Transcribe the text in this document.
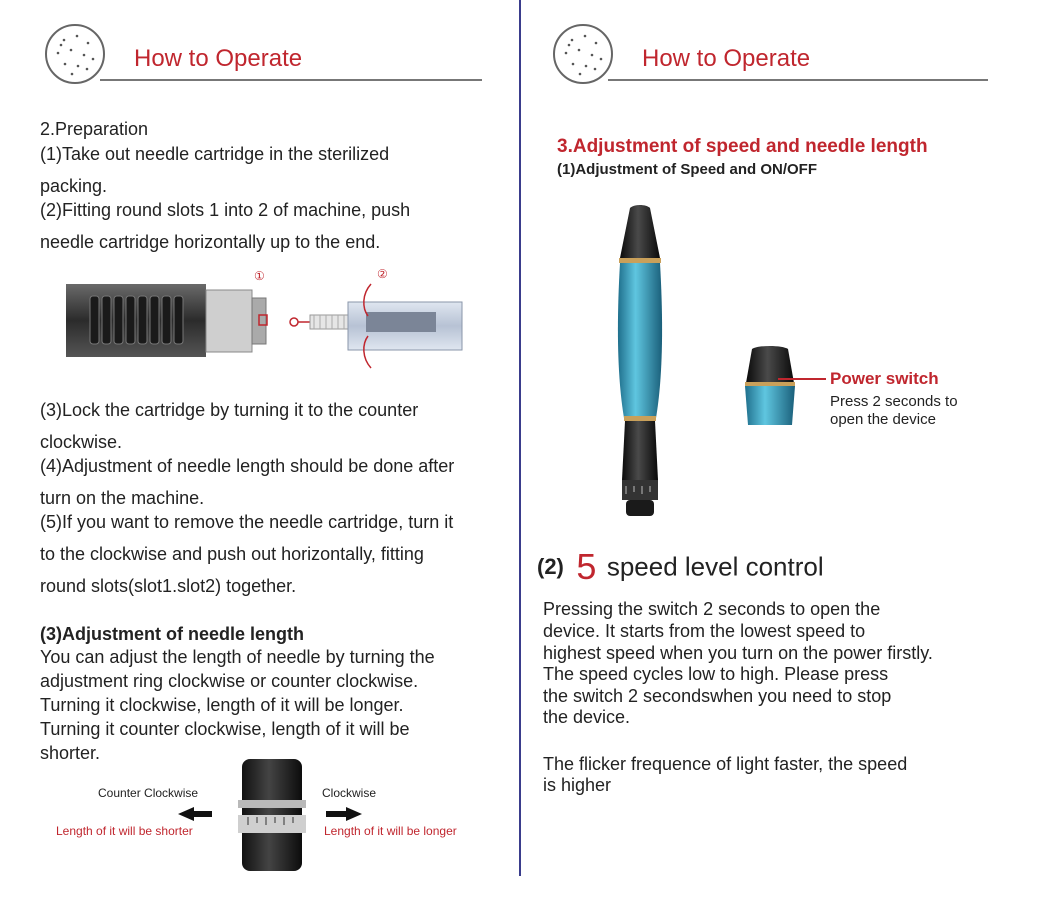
How to Operate
2.Preparation
(1)Take out needle cartridge in the sterilized
packing.
(2)Fitting round slots 1 into 2 of machine, push
needle cartridge horizontally up to the end.
①	②
(3)Lock the cartridge by turning it to the counter
clockwise.
(4)Adjustment of needle length should be done after
turn on the machine.
(5)If you want to remove the needle cartridge, turn it
to the clockwise and push out horizontally, fitting
round slots(slot1.slot2) together.
(3)Adjustment of needle length
You can adjust the length of needle by turning the
adjustment ring clockwise or counter clockwise.
Turning it clockwise, length of it will be longer.
Turning it counter clockwise, length of it will be
shorter.
Counter Clockwise
Length of it will be shorter
Clockwise
Length of it will be longer
How to Operate
3.Adjustment of speed and needle length
(1)Adjustment of Speed and ON/OFF
Power switch
Press 2 seconds to
open the device
(2) 5 speed level control
Pressing the switch 2 seconds to open the
device. It starts from the lowest speed to
highest speed when you turn on the power firstly.
The speed cycles low to high. Please press
the switch 2 secondswhen you need to stop
the device.
The flicker frequence of light faster, the speed
is higher
